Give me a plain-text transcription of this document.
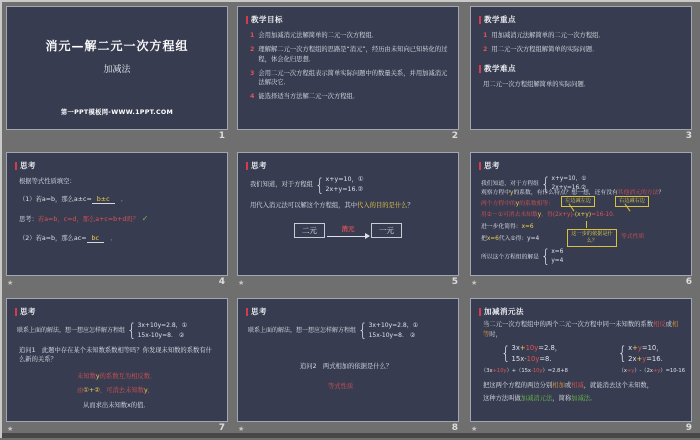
消元—解二元一次方程组
加减法
第一PPT模板网-WWW.1PPT.COM
1
教学目标
1 会用加减消元法解简单的二元一次方程组．
2 理解解二元一次方程组的思路是“消元”，经历由未知向已知转化的过程，体会化归思想．
3 会用二元一次方程组表示简单实际问题中的数量关系，并用加减消元法解决它．
4 能选择适当方法解二元一次方程组．
2
教学重点
1 用加减消元法解简单的二元一次方程组．
2 用二元一次方程组解简单的实际问题．
教学难点
用二元一次方程组解简单的实际问题．
3
思考
根据等式性质填空：
（1）若a=b，那么a±c= b±c　．
思考：若a=b，c=d，那么a+c=b+d吗？ ✓
（2）若a=b，那么ac= bc　．
★	4
思考
我们知道，对于方程组 { x+y=10，①
2x+y=16.②
用代入消元法可以解这个方程组，其中代入的目的是什么？
二元	消元	一元
★	5
思考
我们知道，对于方程组 { x+y=10，①
2x+y=16.②
观察方程中y的系数，有什么特点？想一想，还有没有其他消元的方法？
两个方程中的y的系数相等：	左边减左边	右边减右边
用②－①可消去未知数y，得(2x+y)-(x+y)=16-10．
进一步化简得：x=6
这一步的依据是什么？
等式性质
把x=6代入①得：y=4
所以这个方程组的解是 { x=6
y=4
★	6
思考
联系上面的解法，想一想应怎样解方程组 { 3x+10y=2.8，①
15x-10y=8.　②
追问1　此题中存在某个未知数系数相等吗？你发现未知数的系数有什么新的关系？
未知数y的系数互为相反数．
由①+②，可消去未知数y，
从而求出未知数x的值．
★	7
思考
联系上面的解法，想一想应怎样解方程组 { 3x+10y=2.8，①
15x-10y=8.　②
追问2　两式相加的依据是什么？
等式性质
★	8
加减消元法
当二元一次方程组中的两个二元一次方程中同一未知数的系数相反或相等时，
{ 3x+10y=2.8，
15x-10y=8.	{ x+y=10，
2x+y=16.
（3x+10y）+（15x-10y）=2.8+8	（x+y）-（2x+y）=10-16
把这两个方程的两边分别相加或相减，就能消去这个未知数，
这种方法叫做加减消元法，简称加减法．
★	9
